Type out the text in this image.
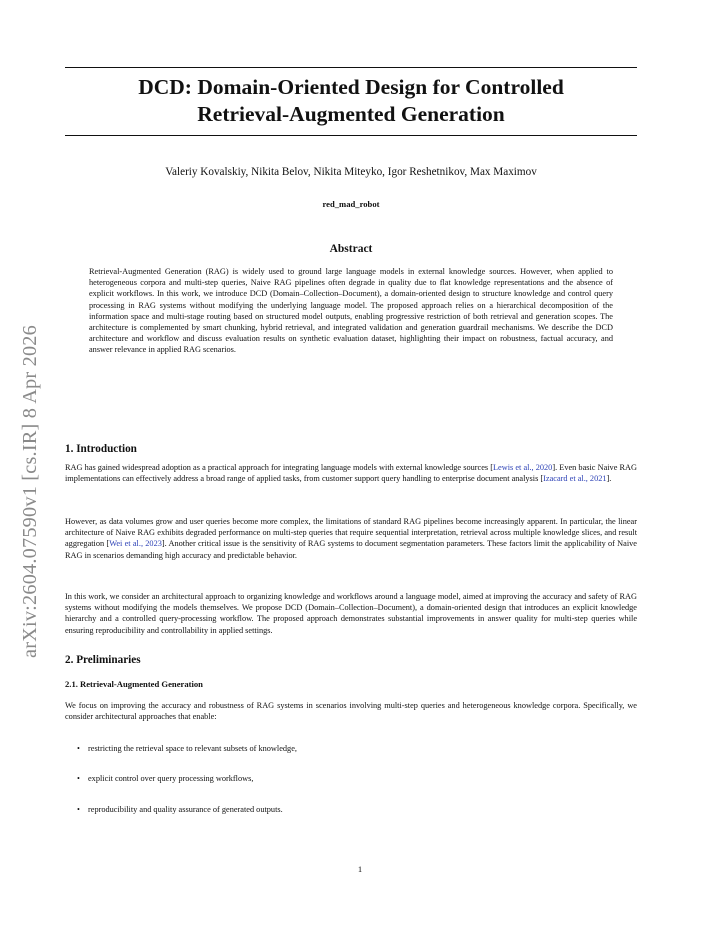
DCD: Domain-Oriented Design for Controlled
Retrieval-Augmented Generation
Valeriy Kovalskiy, Nikita Belov, Nikita Miteyko, Igor Reshetnikov, Max Maximov
red_mad_robot
Abstract

Retrieval-Augmented Generation (RAG) is widely used to ground large language models in external knowledge sources. However, when applied to heterogeneous corpora and multi-step queries, Naive RAG pipelines often degrade in quality due to flat knowledge representations and the absence of explicit workflows. In this work, we introduce DCD (Domain–Collection–Document), a domain-oriented design to structure knowledge and control query processing in RAG systems without modifying the underlying language model. The proposed approach relies on a hierarchical decomposition of the information space and multi-stage routing based on structured model outputs, enabling progressive restriction of both retrieval and generation scopes. The architecture is complemented by smart chunking, hybrid retrieval, and integrated validation and generation guardrail mechanisms. We describe the DCD architecture and workflow and discuss evaluation results on synthetic evaluation dataset, highlighting their impact on robustness, factual accuracy, and answer relevance in applied RAG scenarios.

arXiv:2604.07590v1 [cs.IR] 8 Apr 2026 1. Introduction

RAG has gained widespread adoption as a practical approach for integrating language models with external knowledge sources [Lewis et al., 2020]. Even basic Naive RAG implementations can effectively address a broad range of applied tasks, from customer support query handling to enterprise document analysis [Izacard et al., 2021].

However, as data volumes grow and user queries become more complex, the limitations of standard RAG pipelines become increasingly apparent. In particular, the linear architecture of Naive RAG exhibits degraded performance on multi-step queries that require sequential interpretation, retrieval across multiple knowledge slices, and result aggregation [Wei et al., 2023]. Another critical issue is the sensitivity of RAG systems to document segmentation parameters. These factors limit the applicability of Naive RAG in scenarios demanding high accuracy and predictable behavior.

In this work, we consider an architectural approach to organizing knowledge and workflows around a language model, aimed at improving the accuracy and safety of RAG systems without modifying the models themselves. We propose DCD (Domain–Collection–Document), a domain-oriented design that introduces an explicit knowledge hierarchy and a controlled query-processing workflow. The proposed approach demonstrates substantial improvements in answer quality for multi-step queries while ensuring reproducibility and controllability in applied settings.

2. Preliminaries
2.1. Retrieval-Augmented Generation

We focus on improving the accuracy and robustness of RAG systems in scenarios involving multi-step queries and heterogeneous knowledge corpora. Specifically, we consider architectural approaches that enable:

• restricting the retrieval space to relevant subsets of knowledge,
• explicit control over query processing workflows,
• reproducibility and quality assurance of generated outputs.
1
